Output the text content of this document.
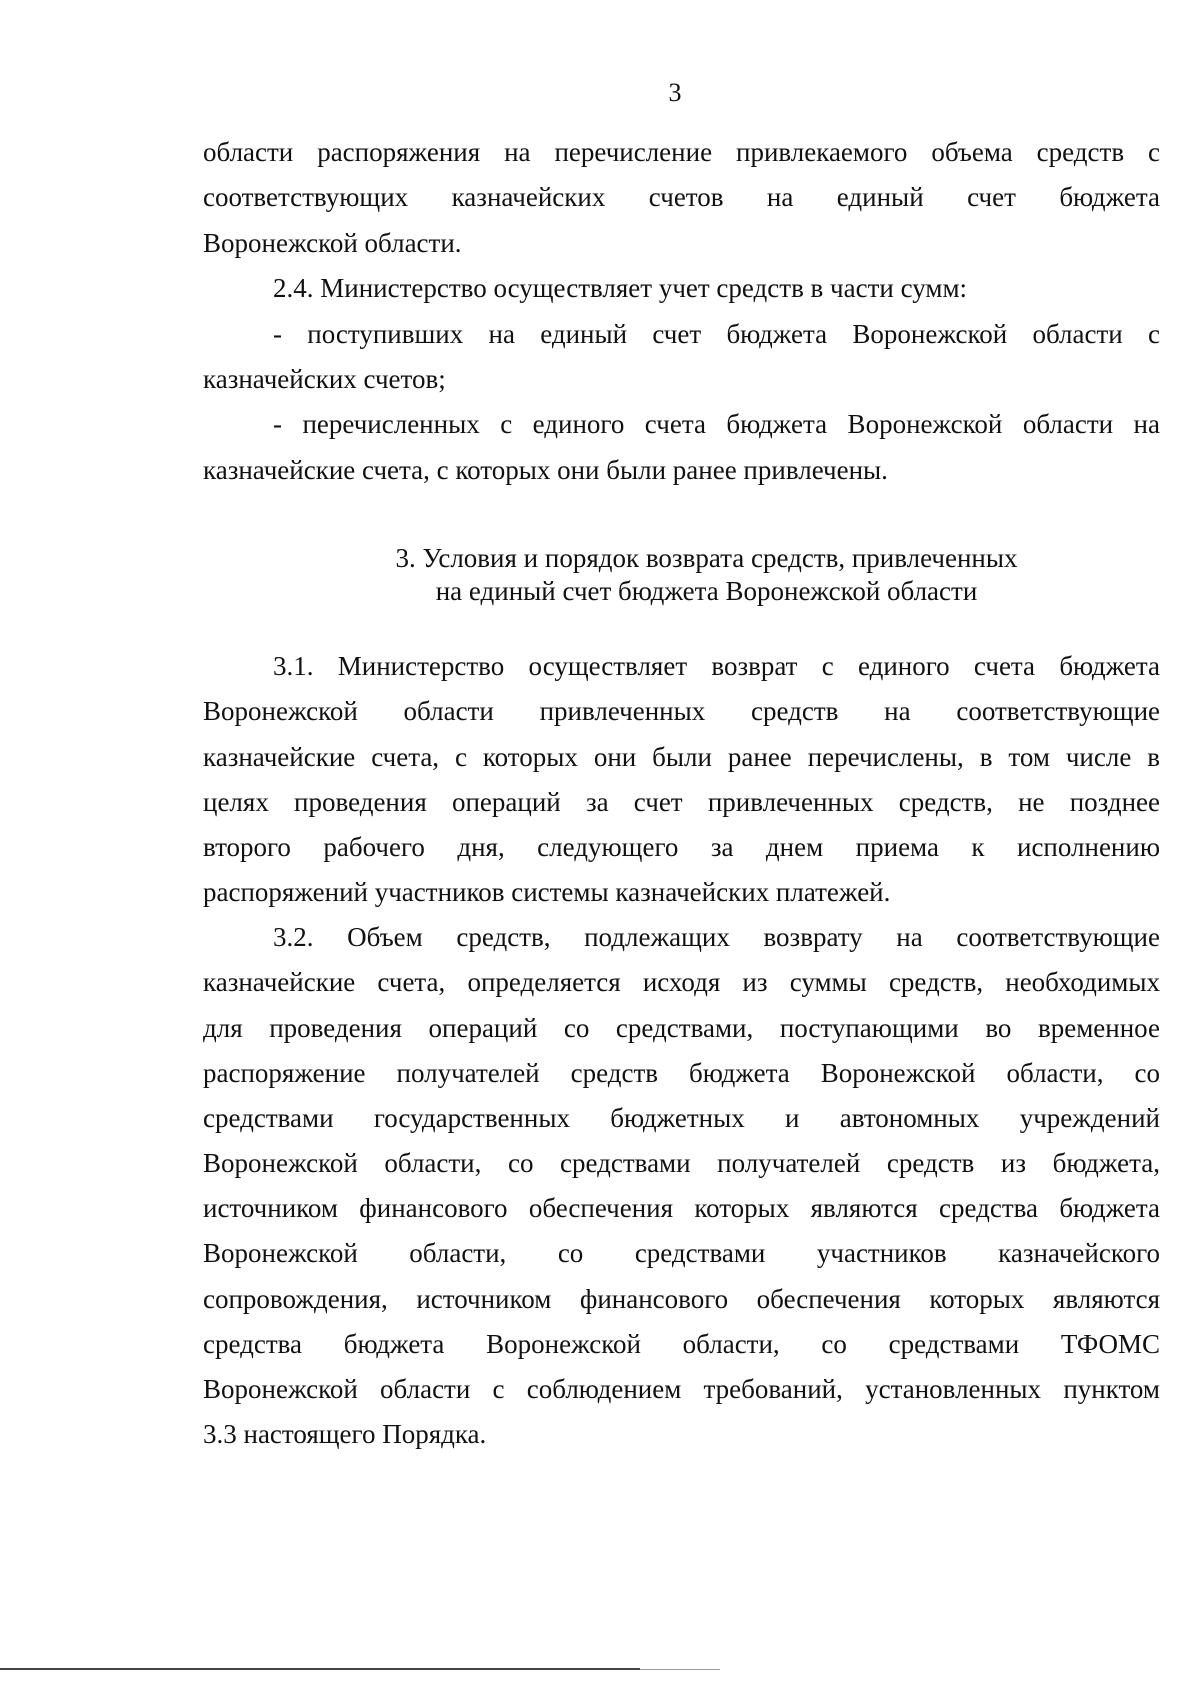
3
области распоряжения на перечисление привлекаемого объема средств с
соответствующих казначейских счетов на единый счет бюджета
Воронежской области.
2.4. Министерство осуществляет учет средств в части сумм:
- поступивших на единый счет бюджета Воронежской области с
казначейских счетов;
- перечисленных с единого счета бюджета Воронежской области на
казначейские счета, с которых они были ранее привлечены.
3. Условия и порядок возврата средств, привлеченных
на единый счет бюджета Воронежской области
3.1. Министерство осуществляет возврат с единого счета бюджета
Воронежской области привлеченных средств на соответствующие
казначейские счета, с которых они были ранее перечислены, в том числе в
целях проведения операций за счет привлеченных средств, не позднее
второго рабочего дня, следующего за днем приема к исполнению
распоряжений участников системы казначейских платежей.
3.2. Объем средств, подлежащих возврату на соответствующие
казначейские счета, определяется исходя из суммы средств, необходимых
для проведения операций со средствами, поступающими во временное
распоряжение получателей средств бюджета Воронежской области, со
средствами государственных бюджетных и автономных учреждений
Воронежской области, со средствами получателей средств из бюджета,
источником финансового обеспечения которых являются средства бюджета
Воронежской области, со средствами участников казначейского
сопровождения, источником финансового обеспечения которых являются
средства бюджета Воронежской области, со средствами ТФОМС
Воронежской области с соблюдением требований, установленных пунктом
3.3 настоящего Порядка.
